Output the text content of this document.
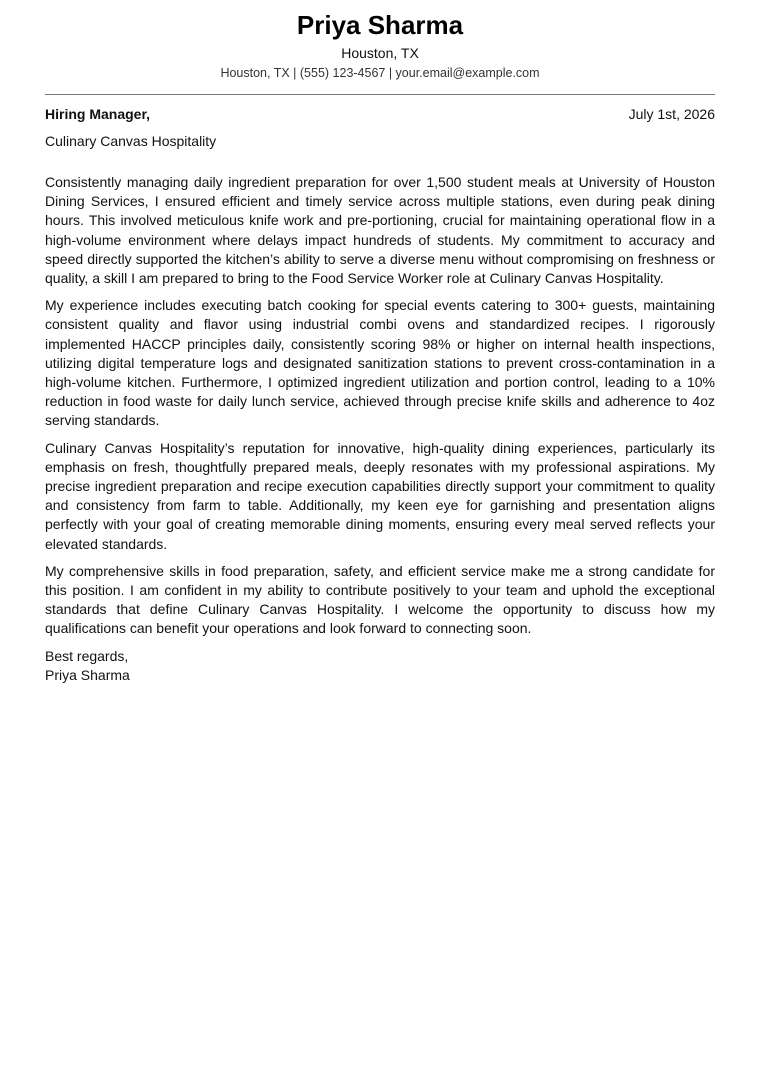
Priya Sharma
Houston, TX
Houston, TX | (555) 123-4567 | your.email@example.com
Hiring Manager,	July 1st, 2026
Culinary Canvas Hospitality

Consistently managing daily ingredient preparation for over 1,500 student meals at University of Houston Dining Services, I ensured efficient and timely service across multiple stations, even during peak dining hours. This involved meticulous knife work and pre-portioning, crucial for maintaining operational flow in a high-volume environment where delays impact hundreds of students. My commitment to accuracy and speed directly supported the kitchen’s ability to serve a diverse menu without compromising on freshness or quality, a skill I am prepared to bring to the Food Service Worker role at Culinary Canvas Hospitality.

My experience includes executing batch cooking for special events catering to 300+ guests, maintaining consistent quality and flavor using industrial combi ovens and standardized recipes. I rigorously implemented HACCP principles daily, consistently scoring 98% or higher on internal health inspections, utilizing digital temperature logs and designated sanitization stations to prevent cross-contamination in a high-volume kitchen. Furthermore, I optimized ingredient utilization and portion control, leading to a 10% reduction in food waste for daily lunch service, achieved through precise knife skills and adherence to 4oz serving standards.

Culinary Canvas Hospitality’s reputation for innovative, high-quality dining experiences, particularly its emphasis on fresh, thoughtfully prepared meals, deeply resonates with my professional aspirations. My precise ingredient preparation and recipe execution capabilities directly support your commitment to quality and consistency from farm to table. Additionally, my keen eye for garnishing and presentation aligns perfectly with your goal of creating memorable dining moments, ensuring every meal served reflects your elevated standards.

My comprehensive skills in food preparation, safety, and efficient service make me a strong candidate for this position. I am confident in my ability to contribute positively to your team and uphold the exceptional standards that define Culinary Canvas Hospitality. I welcome the opportunity to discuss how my qualifications can benefit your operations and look forward to connecting soon.

Best regards,
Priya Sharma
